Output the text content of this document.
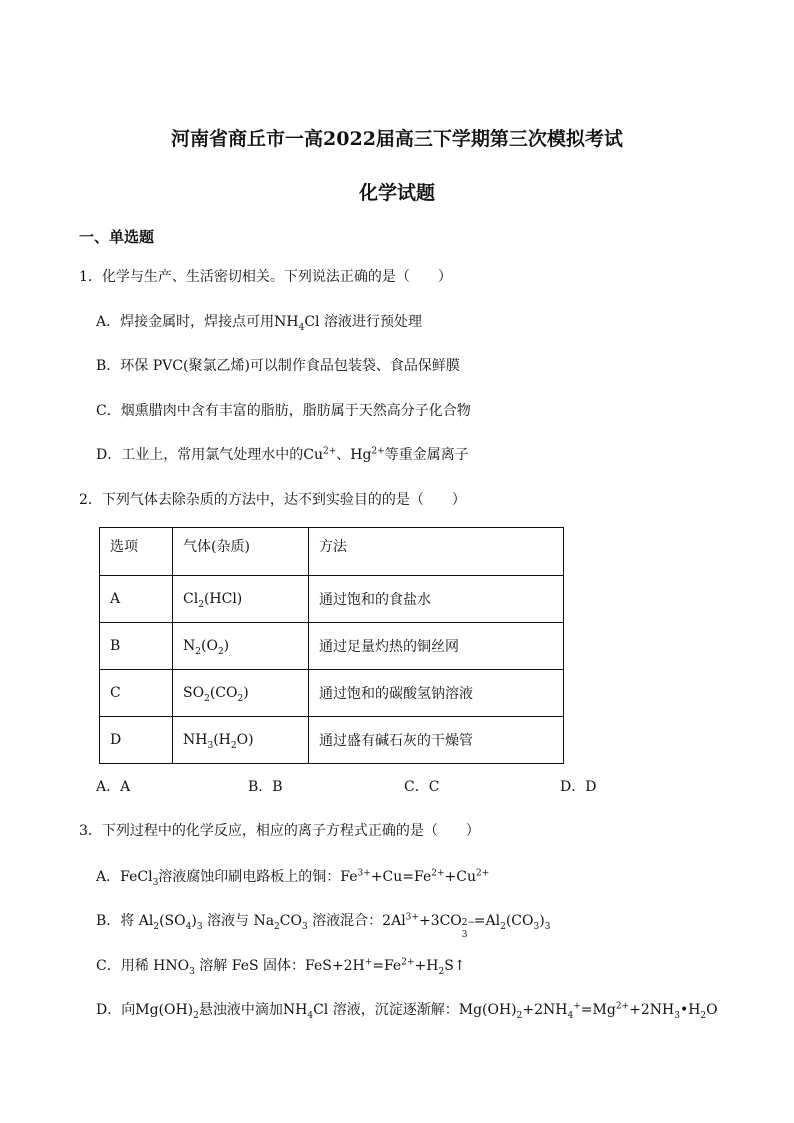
河南省商丘市一高2022届高三下学期第三次模拟考试
化学试题
一、单选题
1．化学与生产、生活密切相关。下列说法正确的是（　　）
A．焊接金属时，焊接点可用$NH_4Cl$ 溶液进行预处理
B．环保 PVC(聚氯乙烯)可以制作食品包装袋、食品保鲜膜
C．烟熏腊肉中含有丰富的脂肪，脂肪属于天然高分子化合物
D．工业上，常用氯气处理水中的$Cu^{2+}$、$Hg^{2+}$等重金属离子
2．下列气体去除杂质的方法中，达不到实验目的的是（　　）
选项	气体(杂质)	方法
A	$Cl_2(HCl)$	通过饱和的食盐水
B	$N_2(O_2)$	通过足量灼热的铜丝网
C	$SO_2(CO_2)$	通过饱和的碳酸氢钠溶液
D	$NH_3(H_2O)$	通过盛有碱石灰的干燥管
A．A	B．B	C．C	D．D
3．下列过程中的化学反应，相应的离子方程式正确的是（　　）
A．FeCl$_3$溶液腐蚀印刷电路板上的铜：$Fe^{3+}+Cu=Fe^{2+}+Cu^{2+}$
B．将 $Al_2(SO_4)_3$ 溶液与 $Na_2CO_3$ 溶液混合：$2Al^{3+}+3CO$ 2−
3
$=Al_2(CO_3)_3$
C．用稀 $HNO_3$ 溶解 FeS 固体：$FeS+2H^+=Fe^{2+}+H_2S↑$
D．向$Mg(OH)_2$悬浊液中滴加$NH_4Cl$ 溶液，沉淀逐渐解：$Mg(OH)_2+2NH_4^+=Mg^{2+}+2NH_3•H_2O$
